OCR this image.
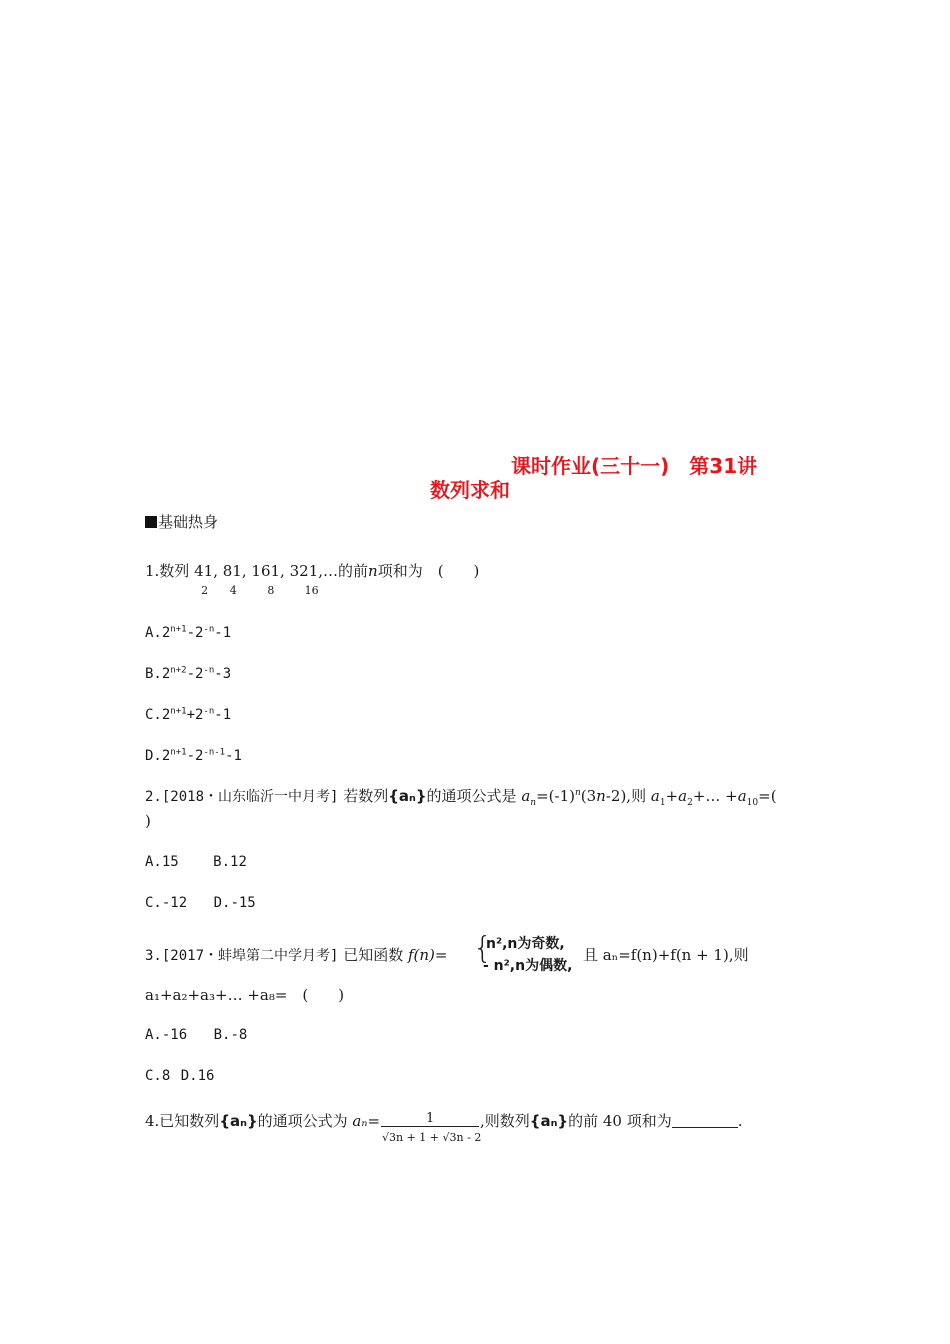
课时作业(三十一)　第31讲
数列求和
基础热身
1.数列 41
2
, 81
4
, 161
8
, 321
16
,…的前n项和为　(　　)
$A.2^{n+1}-2^{-n}-1$
$B.2^{n+2}-2^{-n}-3$
$C.2^{n+1}+2^{-n}-1$
$D.2^{n+1}-2^{-n-1}-1$
2.[2018・山东临沂一中月考] 若数列{aₙ}的通项公式是 $a_n=(-1)^n(3n-2)$,则 $a_1+a_2+\dots +a_{10}=$(
)
A.15 B.12
C.-12 D.-15
3.[2017・蚌埠第二中学月考] 已知函数 f(n)= {
n²,n为奇数,
- n²,n为偶数,
且 aₙ=f(n)+f(n + 1),则
a₁+a₂+a₃+… +a₈=　(　　)
A.-16 B.-8
C.8 D.16
4.已知数列{aₙ}的通项公式为 aₙ=	1
√3n + 1 + √3n - 2
,则数列{aₙ}的前 40 项和为	.
